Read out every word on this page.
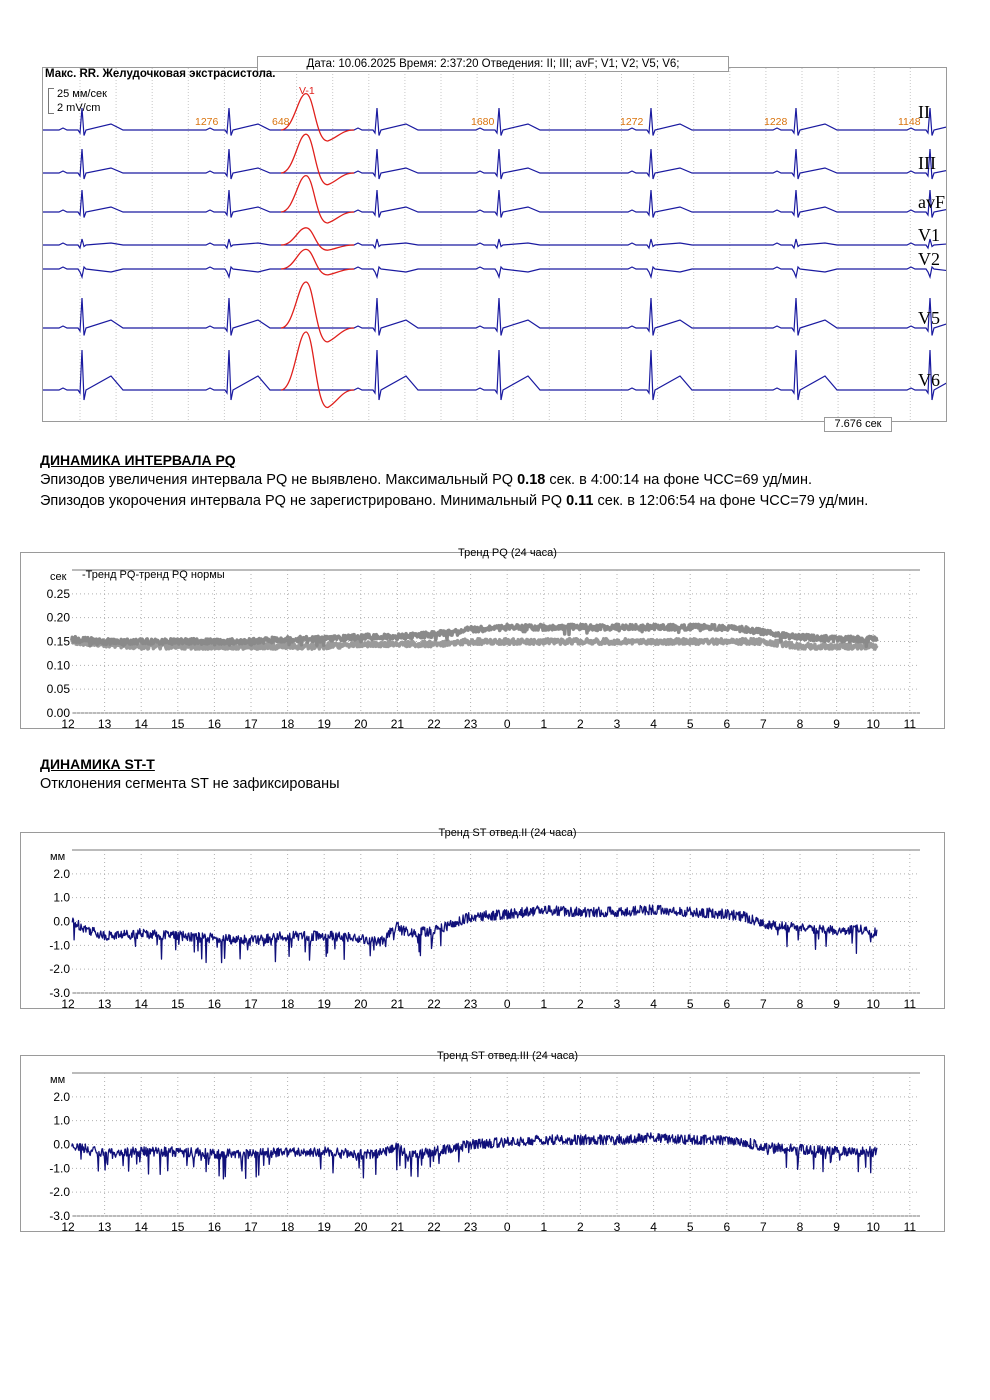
II
III
avF
V1
V2
V5
V6
1276	648	1680	1272	1228	1148
V-1
Дата: 10.06.2025 Время: 2:37:20 Отведения: II; III; avF; V1; V2; V5; V6;
Макс. RR. Желудочковая экстрасистола.
25 мм/сек
2 mV/cm
7.676 сек
ДИНАМИКА ИНТЕРВАЛА PQ
Эпизодов увеличения интервала PQ не выявлено. Максимальный PQ 0.18 сек. в 4:00:14 на фоне ЧСС=69 уд/мин.
Эпизодов укорочения интервала PQ не зарегистрировано. Минимальный PQ 0.11 сек. в 12:06:54 на фоне ЧСС=79 уд/мин.
12 13 14 15 16 17 18 19 20 21 22 23 0 1 2 3 4 5 6 7 8 9 10 11
0.00
0.05
0.10
0.15
0.20
0.25
сек
Тренд PQ (24 часа)
-Тренд PQ-тренд PQ нормы
ДИНАМИКА ST-T
Отклонения сегмента ST не зафиксированы
12 13 14 15 16 17 18 19 20 21 22 23 0 1 2 3 4 5 6 7 8 9 10 11
-3.0
-2.0
-1.0
0.0
1.0
2.0
мм
Тренд ST отвед.II (24 часа)
12 13 14 15 16 17 18 19 20 21 22 23 0 1 2 3 4 5 6 7 8 9 10 11
-3.0
-2.0
-1.0
0.0
1.0
2.0
мм
Тренд ST отвед.III (24 часа)
